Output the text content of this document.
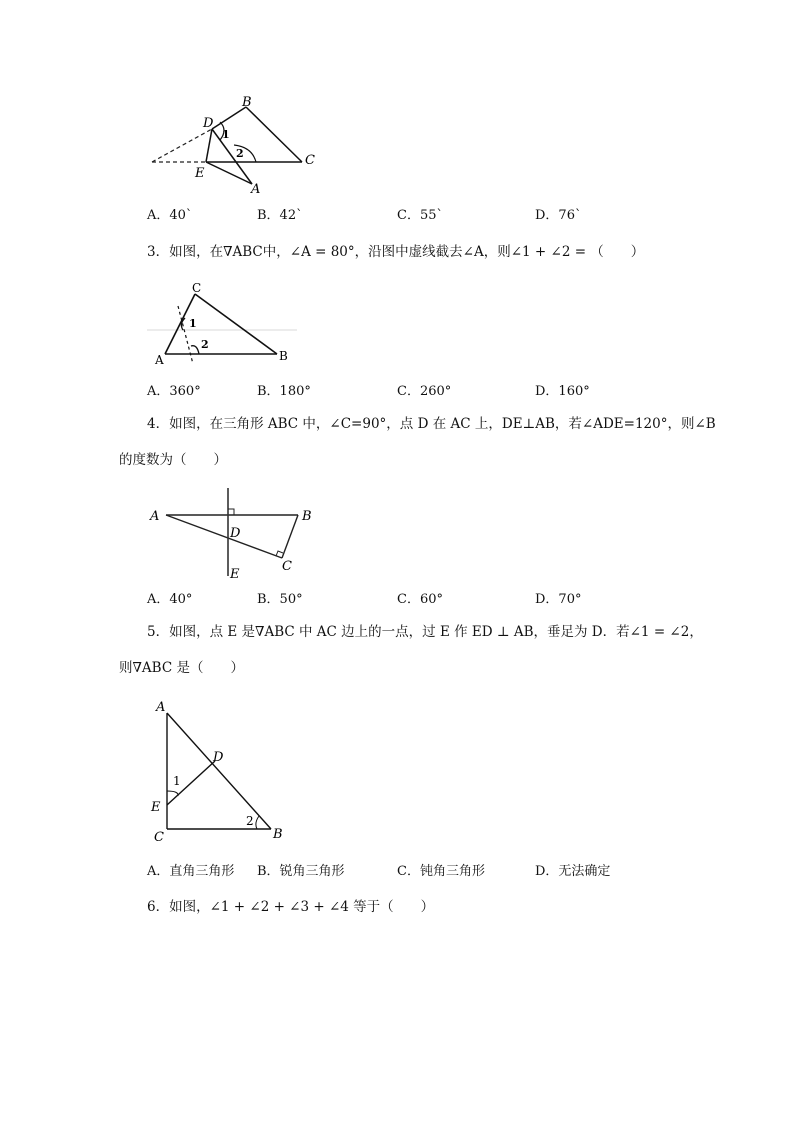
B
D
C
E
A
1
2
A．40`	B．42`	C．55`	D．76`
3．如图，在∇ABC中，∠A = 80°，沿图中虚线截去∠A，则∠1 + ∠2 = （　　）
C
A	B
1
2
A．360°	B．180°	C．260°	D．160°
4．如图，在三角形 ABC 中，∠C=90°，点 D 在 AC 上，DE⊥AB，若∠ADE=120°，则∠B
的度数为（　　）
A	B
D
C
E
A．40°	B．50°	C．60°	D．70°
5．如图，点 E 是∇ABC 中 AC 边上的一点，过 E 作 ED ⊥ AB，垂足为 D．若∠1 = ∠2，
则∇ABC 是（　　）
A
D
E
C	B
1
2
A．直角三角形 B．锐角三角形	C．钝角三角形	D．无法确定
6．如图，∠1 + ∠2 + ∠3 + ∠4 等于（　　）
